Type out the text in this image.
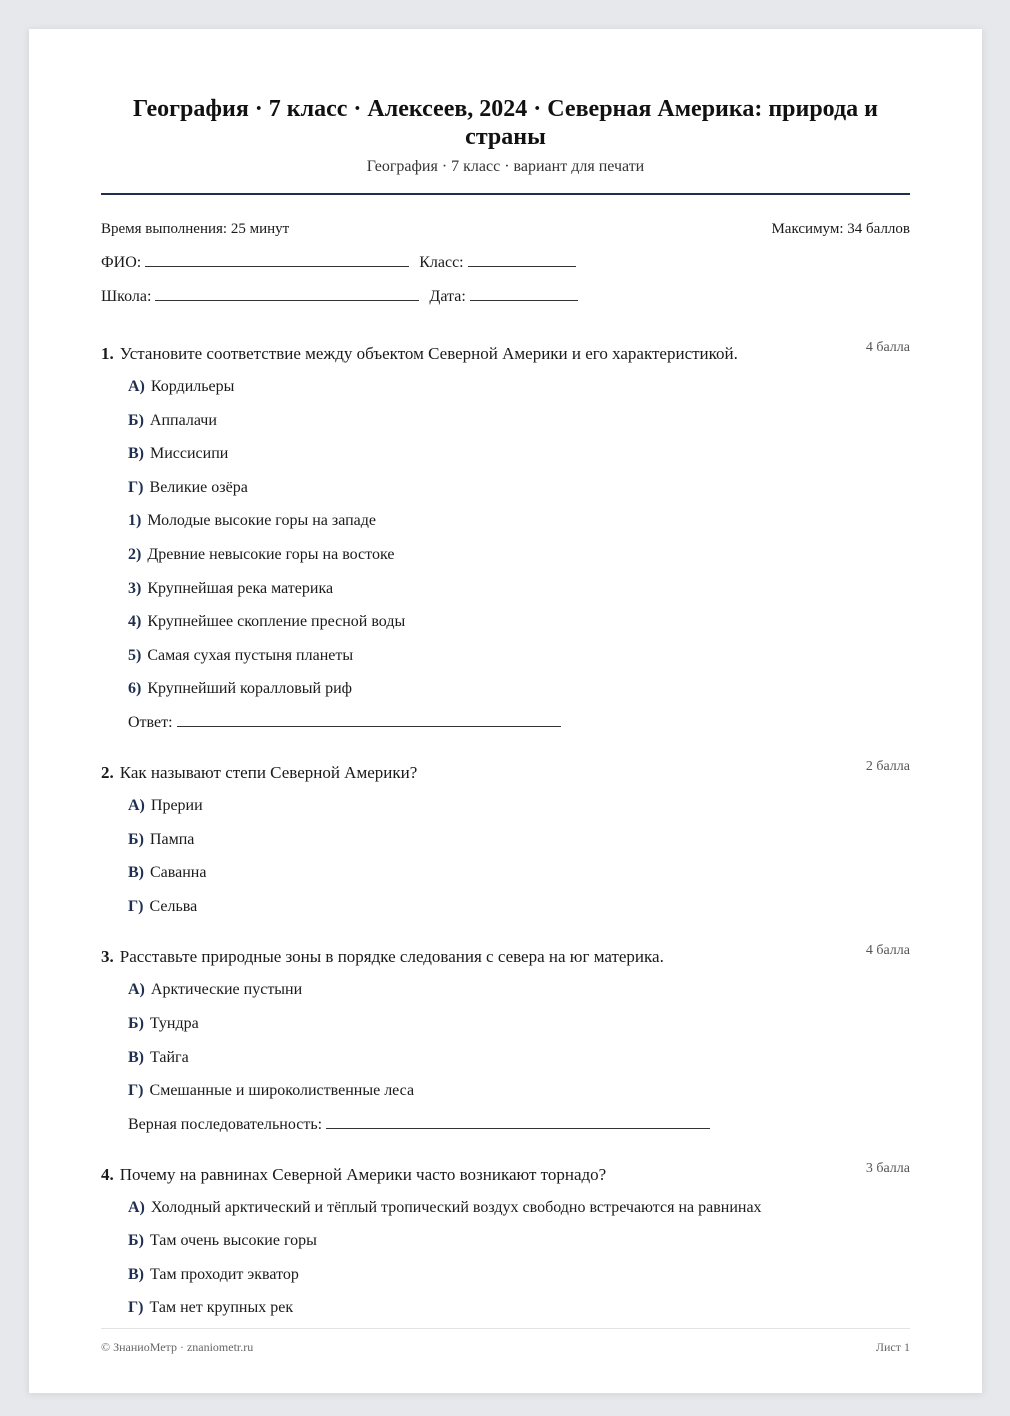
География · 7 класс · Алексеев, 2024 · Северная Америка: природа и страны
География · 7 класс · вариант для печати
Время выполнения: 25 минут	Максимум: 34 баллов
ФИО:	Класс:
Школа:	Дата:
1. Установите соответствие между объектом Северной Америки и его характеристикой.	4 балла
А) Кордильеры
Б) Аппалачи
В) Миссисипи
Г) Великие озёра
1) Молодые высокие горы на западе
2) Древние невысокие горы на востоке
3) Крупнейшая река материка
4) Крупнейшее скопление пресной воды
5) Самая сухая пустыня планеты
6) Крупнейший коралловый риф
Ответ:
2. Как называют степи Северной Америки?	2 балла
А) Прерии
Б) Пампа
В) Саванна
Г) Сельва
3. Расставьте природные зоны в порядке следования с севера на юг материка.	4 балла
А) Арктические пустыни
Б) Тундра
В) Тайга
Г) Смешанные и широколиственные леса
Верная последовательность:
4. Почему на равнинах Северной Америки часто возникают торнадо?	3 балла
А) Холодный арктический и тёплый тропический воздух свободно встречаются на равнинах
Б) Там очень высокие горы
В) Там проходит экватор
Г) Там нет крупных рек
© ЗнаниоМетр · znaniometr.ru	Лист 1
